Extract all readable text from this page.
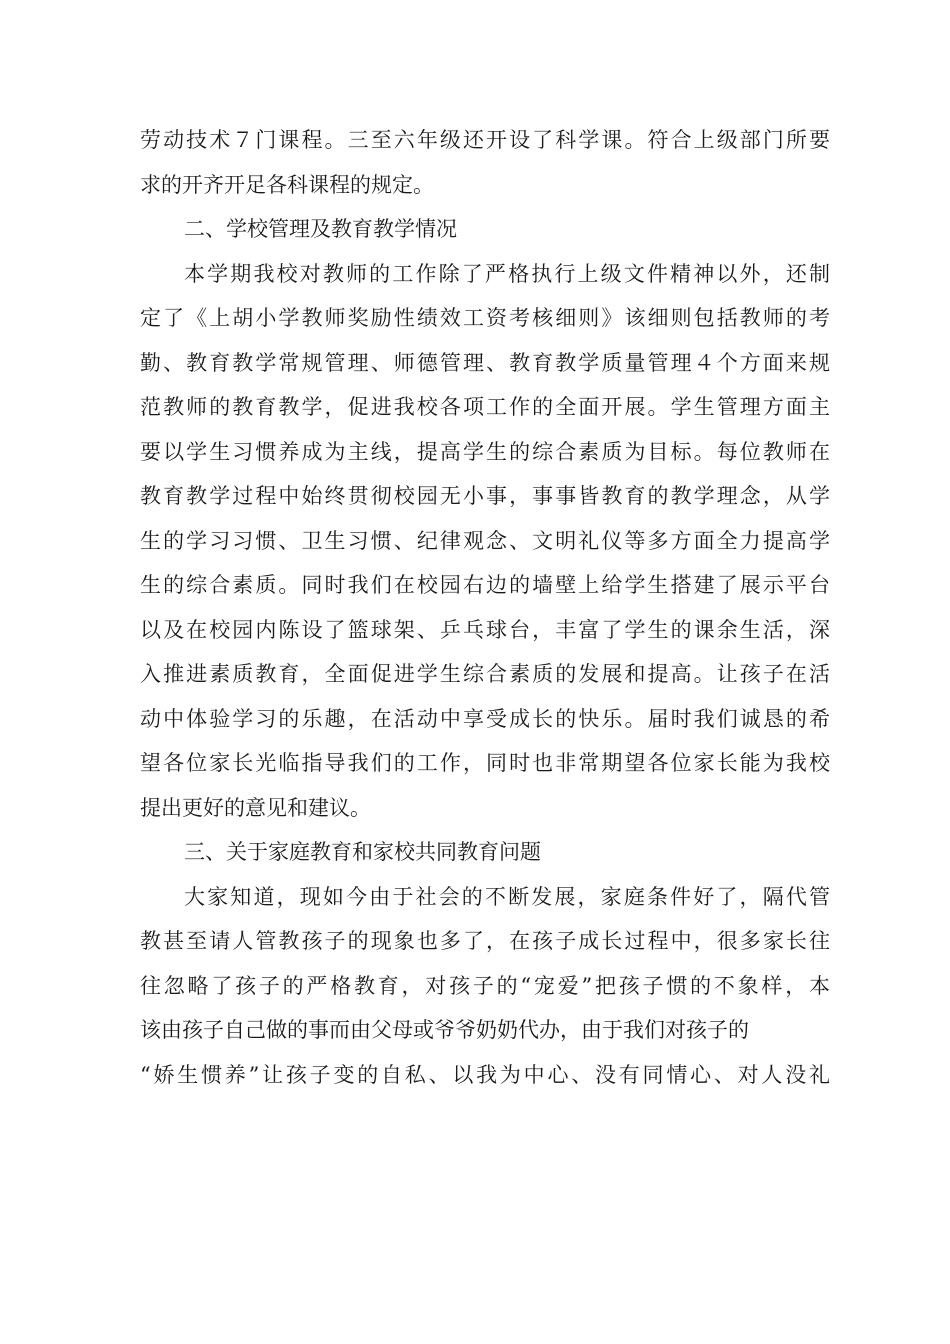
劳动技术７门课程。三至六年级还开设了科学课。符合上级部门所要
求的开齐开足各科课程的规定。
二、学校管理及教育教学情况
本学期我校对教师的工作除了严格执行上级文件精神以外，还制
定了《上胡小学教师奖励性绩效工资考核细则》该细则包括教师的考
勤、教育教学常规管理、师德管理、教育教学质量管理４个方面来规
范教师的教育教学，促进我校各项工作的全面开展。学生管理方面主
要以学生习惯养成为主线，提高学生的综合素质为目标。每位教师在
教育教学过程中始终贯彻校园无小事，事事皆教育的教学理念，从学
生的学习习惯、卫生习惯、纪律观念、文明礼仪等多方面全力提高学
生的综合素质。同时我们在校园右边的墙壁上给学生搭建了展示平台
以及在校园内陈设了篮球架、乒乓球台，丰富了学生的课余生活，深
入推进素质教育，全面促进学生综合素质的发展和提高。让孩子在活
动中体验学习的乐趣，在活动中享受成长的快乐。届时我们诚恳的希
望各位家长光临指导我们的工作，同时也非常期望各位家长能为我校
提出更好的意见和建议。
三、关于家庭教育和家校共同教育问题
大家知道，现如今由于社会的不断发展，家庭条件好了，隔代管
教甚至请人管教孩子的现象也多了，在孩子成长过程中，很多家长往
往忽略了孩子的严格教育，对孩子的“宠爱”把孩子惯的不象样，本
该由孩子自己做的事而由父母或爷爷奶奶代办，由于我们对孩子的
“娇生惯养”让孩子变的自私、以我为中心、没有同情心、对人没礼
